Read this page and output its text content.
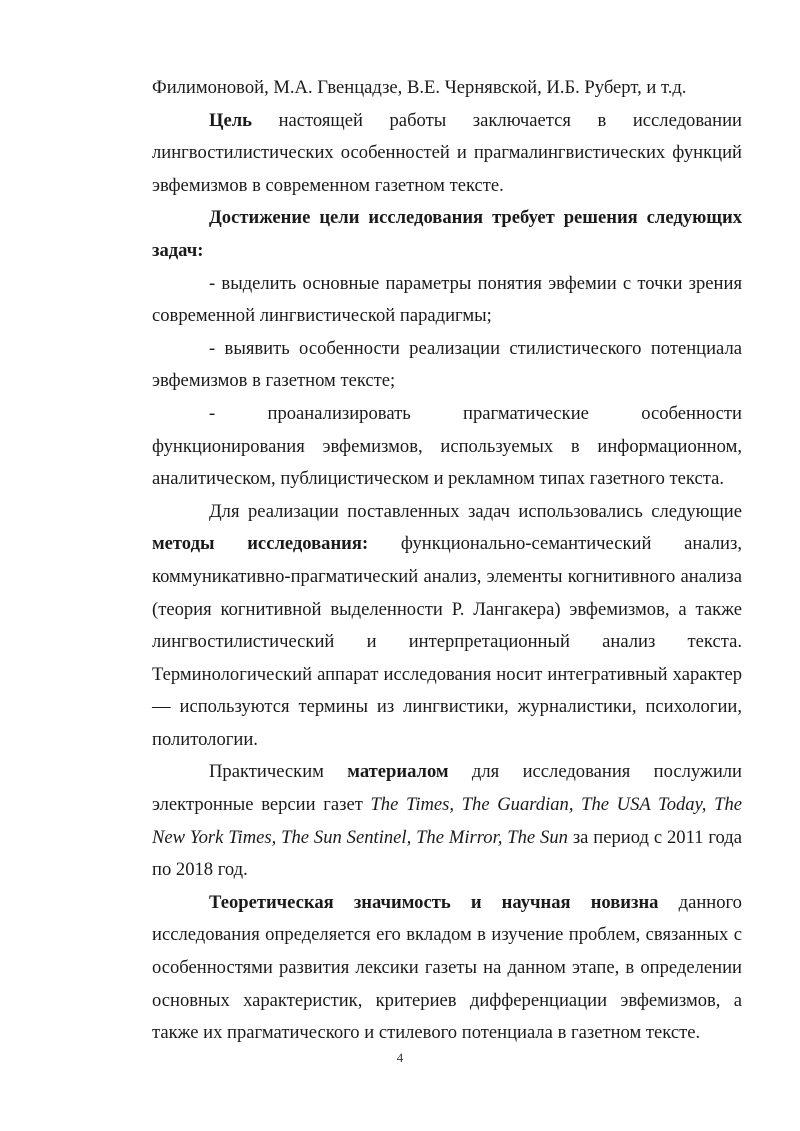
Филимоновой, М.А. Гвенцадзе, В.Е. Чернявской, И.Б. Руберт, и т.д.

Цель настоящей работы заключается в исследовании лингвостилистических особенностей и прагмалингвистических функций эвфемизмов в современном газетном тексте.

Достижение цели исследования требует решения следующих задач:

- выделить основные параметры понятия эвфемии с точки зрения современной лингвистической парадигмы;

- выявить особенности реализации стилистического потенциала эвфемизмов в газетном тексте;

- проанализировать прагматические особенности функционирования эвфемизмов, используемых в информационном, аналитическом, публицистическом и рекламном типах газетного текста.

Для реализации поставленных задач использовались следующие методы исследования: функционально-семантический анализ, коммуникативно-прагматический анализ, элементы когнитивного анализа (теория когнитивной выделенности Р. Лангакера) эвфемизмов, а также лингвостилистический и интерпретационный анализ текста. Терминологический аппарат исследования носит интегративный характер — используются термины из лингвистики, журналистики, психологии, политологии.

Практическим материалом для исследования послужили электронные версии газет The Times, The Guardian, The USA Today, The New York Times, The Sun Sentinel, The Mirror, The Sun за период с 2011 года по 2018 год.

Теоретическая значимость и научная новизна данного исследования определяется его вкладом в изучение проблем, связанных с особенностями развития лексики газеты на данном этапе, в определении основных характеристик, критериев дифференциации эвфемизмов, а также их прагматического и стилевого потенциала в газетном тексте.

4
